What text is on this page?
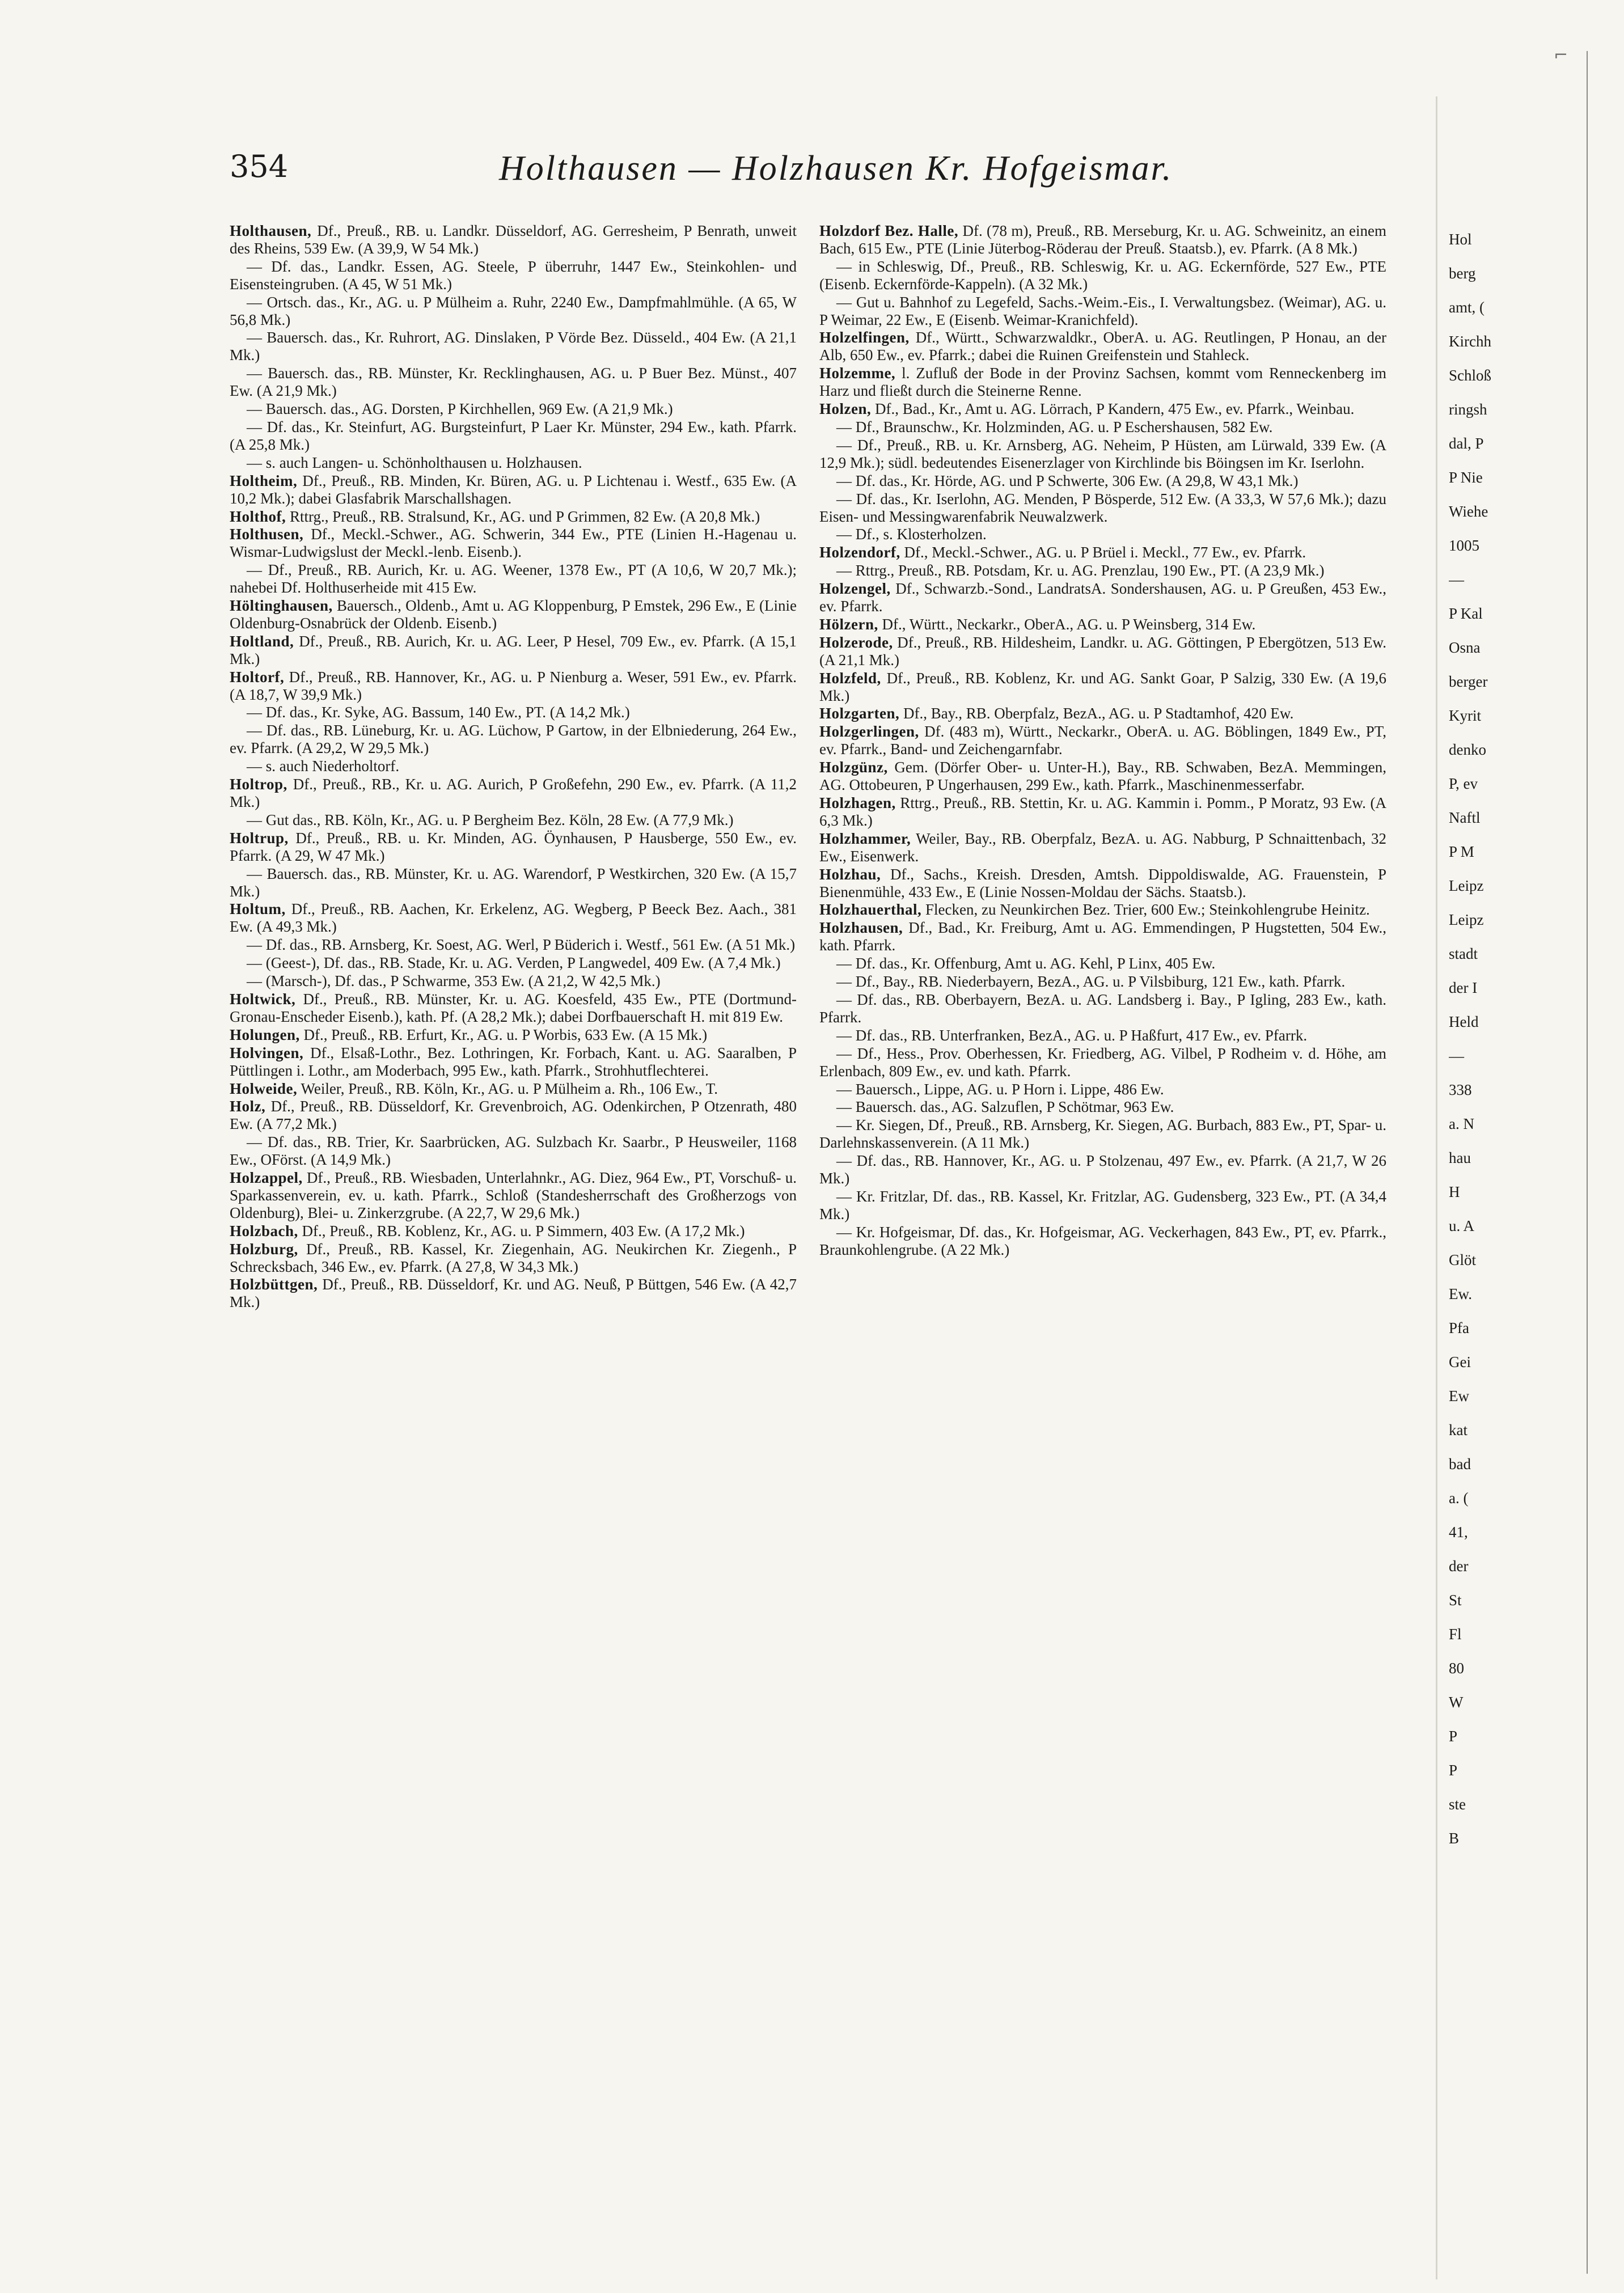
⌐
354	Holthausen — Holzhausen Kr. Hofgeismar.

Holthausen, Df., Preuß., RB. u. Landkr. Düsseldorf, AG. Gerresheim, P Benrath, unweit des Rheins, 539 Ew. (A 39,9, W 54 Mk.)

— Df. das., Landkr. Essen, AG. Steele, P überruhr, 1447 Ew., Steinkohlen- und Eisensteingruben. (A 45, W 51 Mk.)

— Ortsch. das., Kr., AG. u. P Mülheim a. Ruhr, 2240 Ew., Dampfmahlmühle. (A 65, W 56,8 Mk.)

— Bauersch. das., Kr. Ruhrort, AG. Dinslaken, P Vörde Bez. Düsseld., 404 Ew. (A 21,1 Mk.)

— Bauersch. das., RB. Münster, Kr. Recklinghausen, AG. u. P Buer Bez. Münst., 407 Ew. (A 21,9 Mk.)

— Bauersch. das., AG. Dorsten, P Kirchhellen, 969 Ew. (A 21,9 Mk.)

— Df. das., Kr. Steinfurt, AG. Burgsteinfurt, P Laer Kr. Münster, 294 Ew., kath. Pfarrk. (A 25,8 Mk.)

— s. auch Langen- u. Schönholthausen u. Holzhausen.

Holtheim, Df., Preuß., RB. Minden, Kr. Büren, AG. u. P Lichtenau i. Westf., 635 Ew. (A 10,2 Mk.); dabei Glasfabrik Marschallshagen.

Holthof, Rttrg., Preuß., RB. Stralsund, Kr., AG. und P Grimmen, 82 Ew. (A 20,8 Mk.)

Holthusen, Df., Meckl.-Schwer., AG. Schwerin, 344 Ew., PTE (Linien H.-Hagenau u. Wismar-Ludwigslust der Meckl.-lenb. Eisenb.).

— Df., Preuß., RB. Aurich, Kr. u. AG. Weener, 1378 Ew., PT (A 10,6, W 20,7 Mk.); nahebei Df. Holthuserheide mit 415 Ew.

Höltinghausen, Bauersch., Oldenb., Amt u. AG Kloppenburg, P Emstek, 296 Ew., E (Linie Oldenburg-Osnabrück der Oldenb. Eisenb.)

Holtland, Df., Preuß., RB. Aurich, Kr. u. AG. Leer, P Hesel, 709 Ew., ev. Pfarrk. (A 15,1 Mk.)

Holtorf, Df., Preuß., RB. Hannover, Kr., AG. u. P Nienburg a. Weser, 591 Ew., ev. Pfarrk. (A 18,7, W 39,9 Mk.)

— Df. das., Kr. Syke, AG. Bassum, 140 Ew., PT. (A 14,2 Mk.)

— Df. das., RB. Lüneburg, Kr. u. AG. Lüchow, P Gartow, in der Elbniederung, 264 Ew., ev. Pfarrk. (A 29,2, W 29,5 Mk.)

— s. auch Niederholtorf.

Holtrop, Df., Preuß., RB., Kr. u. AG. Aurich, P Großefehn, 290 Ew., ev. Pfarrk. (A 11,2 Mk.)

— Gut das., RB. Köln, Kr., AG. u. P Bergheim Bez. Köln, 28 Ew. (A 77,9 Mk.)

Holtrup, Df., Preuß., RB. u. Kr. Minden, AG. Öynhausen, P Hausberge, 550 Ew., ev. Pfarrk. (A 29, W 47 Mk.)

— Bauersch. das., RB. Münster, Kr. u. AG. Warendorf, P Westkirchen, 320 Ew. (A 15,7 Mk.)

Holtum, Df., Preuß., RB. Aachen, Kr. Erkelenz, AG. Wegberg, P Beeck Bez. Aach., 381 Ew. (A 49,3 Mk.)

— Df. das., RB. Arnsberg, Kr. Soest, AG. Werl, P Büderich i. Westf., 561 Ew. (A 51 Mk.)

— (Geest-), Df. das., RB. Stade, Kr. u. AG. Verden, P Langwedel, 409 Ew. (A 7,4 Mk.)

— (Marsch-), Df. das., P Schwarme, 353 Ew. (A 21,2, W 42,5 Mk.)

Holtwick, Df., Preuß., RB. Münster, Kr. u. AG. Koesfeld, 435 Ew., PTE (Dortmund-Gronau-Enscheder Eisenb.), kath. Pf. (A 28,2 Mk.); dabei Dorfbauerschaft H. mit 819 Ew.

Holungen, Df., Preuß., RB. Erfurt, Kr., AG. u. P Worbis, 633 Ew. (A 15 Mk.)

Holvingen, Df., Elsaß-Lothr., Bez. Lothringen, Kr. Forbach, Kant. u. AG. Saaralben, P Püttlingen i. Lothr., am Moderbach, 995 Ew., kath. Pfarrk., Strohhutflechterei.

Holweide, Weiler, Preuß., RB. Köln, Kr., AG. u. P Mülheim a. Rh., 106 Ew., T.

Holz, Df., Preuß., RB. Düsseldorf, Kr. Grevenbroich, AG. Odenkirchen, P Otzenrath, 480 Ew. (A 77,2 Mk.)

— Df. das., RB. Trier, Kr. Saarbrücken, AG. Sulzbach Kr. Saarbr., P Heusweiler, 1168 Ew., OFörst. (A 14,9 Mk.)

Holzappel, Df., Preuß., RB. Wiesbaden, Unterlahnkr., AG. Diez, 964 Ew., PT, Vorschuß- u. Sparkassenverein, ev. u. kath. Pfarrk., Schloß (Standesherrschaft des Großherzogs von Oldenburg), Blei- u. Zinkerzgrube. (A 22,7, W 29,6 Mk.)

Holzbach, Df., Preuß., RB. Koblenz, Kr., AG. u. P Simmern, 403 Ew. (A 17,2 Mk.)

Holzburg, Df., Preuß., RB. Kassel, Kr. Ziegenhain, AG. Neukirchen Kr. Ziegenh., P Schrecksbach, 346 Ew., ev. Pfarrk. (A 27,8, W 34,3 Mk.)

Holzbüttgen, Df., Preuß., RB. Düsseldorf, Kr. und AG. Neuß, P Büttgen, 546 Ew. (A 42,7 Mk.)

Holzdorf Bez. Halle, Df. (78 m), Preuß., RB. Merseburg, Kr. u. AG. Schweinitz, an einem Bach, 615 Ew., PTE (Linie Jüterbog-Röderau der Preuß. Staatsb.), ev. Pfarrk. (A 8 Mk.)

— in Schleswig, Df., Preuß., RB. Schleswig, Kr. u. AG. Eckernförde, 527 Ew., PTE (Eisenb. Eckernförde-Kappeln). (A 32 Mk.)

— Gut u. Bahnhof zu Legefeld, Sachs.-Weim.-Eis., I. Verwaltungsbez. (Weimar), AG. u. P Weimar, 22 Ew., E (Eisenb. Weimar-Kranichfeld).

Holzelfingen, Df., Württ., Schwarzwaldkr., OberA. u. AG. Reutlingen, P Honau, an der Alb, 650 Ew., ev. Pfarrk.; dabei die Ruinen Greifenstein und Stahleck.

Holzemme, l. Zufluß der Bode in der Provinz Sachsen, kommt vom Renneckenberg im Harz und fließt durch die Steinerne Renne.

Holzen, Df., Bad., Kr., Amt u. AG. Lörrach, P Kandern, 475 Ew., ev. Pfarrk., Weinbau.

— Df., Braunschw., Kr. Holzminden, AG. u. P Eschershausen, 582 Ew.

— Df., Preuß., RB. u. Kr. Arnsberg, AG. Neheim, P Hüsten, am Lürwald, 339 Ew. (A 12,9 Mk.); südl. bedeutendes Eisenerzlager von Kirchlinde bis Böingsen im Kr. Iserlohn.

— Df. das., Kr. Hörde, AG. und P Schwerte, 306 Ew. (A 29,8, W 43,1 Mk.)

— Df. das., Kr. Iserlohn, AG. Menden, P Bösperde, 512 Ew. (A 33,3, W 57,6 Mk.); dazu Eisen- und Messingwarenfabrik Neuwalzwerk.

— Df., s. Klosterholzen.

Holzendorf, Df., Meckl.-Schwer., AG. u. P Brüel i. Meckl., 77 Ew., ev. Pfarrk.

— Rttrg., Preuß., RB. Potsdam, Kr. u. AG. Prenzlau, 190 Ew., PT. (A 23,9 Mk.)

Holzengel, Df., Schwarzb.-Sond., LandratsA. Sondershausen, AG. u. P Greußen, 453 Ew., ev. Pfarrk.

Hölzern, Df., Württ., Neckarkr., OberA., AG. u. P Weinsberg, 314 Ew.

Holzerode, Df., Preuß., RB. Hildesheim, Landkr. u. AG. Göttingen, P Ebergötzen, 513 Ew. (A 21,1 Mk.)

Holzfeld, Df., Preuß., RB. Koblenz, Kr. und AG. Sankt Goar, P Salzig, 330 Ew. (A 19,6 Mk.)

Holzgarten, Df., Bay., RB. Oberpfalz, BezA., AG. u. P Stadtamhof, 420 Ew.

Holzgerlingen, Df. (483 m), Württ., Neckarkr., OberA. u. AG. Böblingen, 1849 Ew., PT, ev. Pfarrk., Band- und Zeichengarnfabr.

Holzgünz, Gem. (Dörfer Ober- u. Unter-H.), Bay., RB. Schwaben, BezA. Memmingen, AG. Ottobeuren, P Ungerhausen, 299 Ew., kath. Pfarrk., Maschinenmesserfabr.

Holzhagen, Rttrg., Preuß., RB. Stettin, Kr. u. AG. Kammin i. Pomm., P Moratz, 93 Ew. (A 6,3 Mk.)

Holzhammer, Weiler, Bay., RB. Oberpfalz, BezA. u. AG. Nabburg, P Schnaittenbach, 32 Ew., Eisenwerk.

Holzhau, Df., Sachs., Kreish. Dresden, Amtsh. Dippoldiswalde, AG. Frauenstein, P Bienenmühle, 433 Ew., E (Linie Nossen-Moldau der Sächs. Staatsb.).

Holzhauerthal, Flecken, zu Neunkirchen Bez. Trier, 600 Ew.; Steinkohlengrube Heinitz.

Holzhausen, Df., Bad., Kr. Freiburg, Amt u. AG. Emmendingen, P Hugstetten, 504 Ew., kath. Pfarrk.

— Df. das., Kr. Offenburg, Amt u. AG. Kehl, P Linx, 405 Ew.

— Df., Bay., RB. Niederbayern, BezA., AG. u. P Vilsbiburg, 121 Ew., kath. Pfarrk.

— Df. das., RB. Oberbayern, BezA. u. AG. Landsberg i. Bay., P Igling, 283 Ew., kath. Pfarrk.

— Df. das., RB. Unterfranken, BezA., AG. u. P Haßfurt, 417 Ew., ev. Pfarrk.

— Df., Hess., Prov. Oberhessen, Kr. Friedberg, AG. Vilbel, P Rodheim v. d. Höhe, am Erlenbach, 809 Ew., ev. und kath. Pfarrk.

— Bauersch., Lippe, AG. u. P Horn i. Lippe, 486 Ew.

— Bauersch. das., AG. Salzuflen, P Schötmar, 963 Ew.

— Kr. Siegen, Df., Preuß., RB. Arnsberg, Kr. Siegen, AG. Burbach, 883 Ew., PT, Spar- u. Darlehnskassenverein. (A 11 Mk.)

— Df. das., RB. Hannover, Kr., AG. u. P Stolzenau, 497 Ew., ev. Pfarrk. (A 21,7, W 26 Mk.)

— Kr. Fritzlar, Df. das., RB. Kassel, Kr. Fritzlar, AG. Gudensberg, 323 Ew., PT. (A 34,4 Mk.)

— Kr. Hofgeismar, Df. das., Kr. Hofgeismar, AG. Veckerhagen, 843 Ew., PT, ev. Pfarrk., Braunkohlengrube. (A 22 Mk.)

Hol
berg
amt, (
Kirchh
Schloß
ringsh
dal, P
P Nie
Wiehe
1005
—
P Kal
Osna
berger
Kyrit
denko
P, ev
Naftl
P M
Leipz
Leipz
stadt
der I
Held
—
338
a. N
hau
H
u. A
Glöt
Ew.
Pfa
Gei
Ew
kat
bad
a. (
41,
der
St
Fl
80
W
P
P
ste
B
